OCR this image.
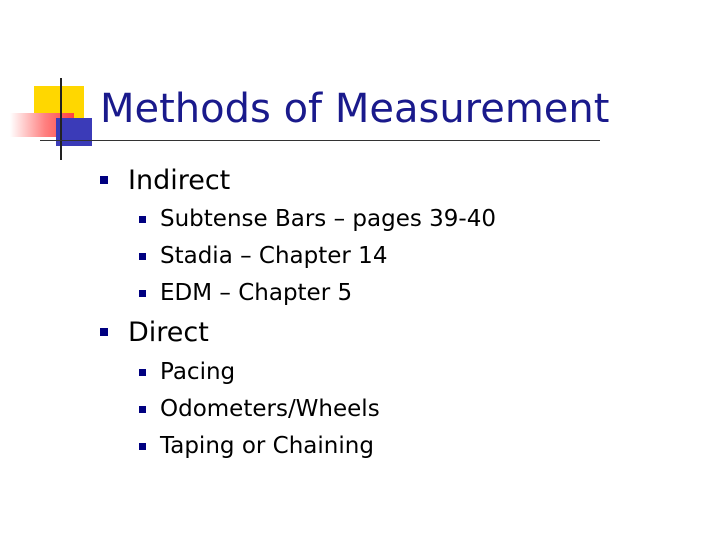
Methods of Measurement
Indirect
Subtense Bars – pages 39-40
Stadia – Chapter 14
EDM – Chapter 5
Direct
Pacing
Odometers/Wheels
Taping or Chaining
